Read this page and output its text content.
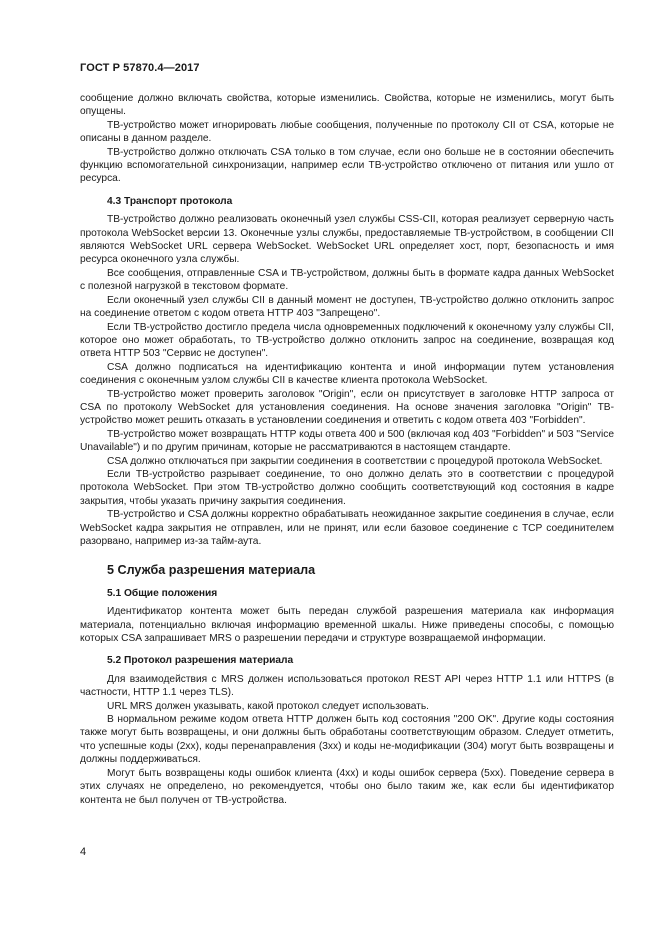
ГОСТ Р 57870.4—2017

сообщение должно включать свойства, которые изменились. Свойства, которые не изменились, могут быть опущены.

ТВ-устройство может игнорировать любые сообщения, полученные по протоколу CII от CSA, которые не описаны в данном разделе.

ТВ-устройство должно отключать CSA только в том случае, если оно больше не в состоянии обеспечить функцию вспомогательной синхронизации, например если ТВ-устройство отключено от питания или ушло от ресурса.

4.3 Транспорт протокола

ТВ-устройство должно реализовать оконечный узел службы CSS-CII, которая реализует серверную часть протокола WebSocket версии 13. Оконечные узлы службы, предоставляемые ТВ-устройством, в сообщении CII являются WebSocket URL сервера WebSocket. WebSocket URL определяет хост, порт, безопасность и имя ресурса оконечного узла службы.

Все сообщения, отправленные CSA и ТВ-устройством, должны быть в формате кадра данных WebSocket с полезной нагрузкой в текстовом формате.

Если оконечный узел службы CII в данный момент не доступен, ТВ-устройство должно отклонить запрос на соединение ответом с кодом ответа HTTP 403 "Запрещено".

Если ТВ-устройство достигло предела числа одновременных подключений к оконечному узлу службы CII, которое оно может обработать, то ТВ-устройство должно отклонить запрос на соединение, возвращая код ответа HTTP 503 "Сервис не доступен".

CSA должно подписаться на идентификацию контента и иной информации путем установления соединения с оконечным узлом службы CII в качестве клиента протокола WebSocket.

ТВ-устройство может проверить заголовок "Origin", если он присутствует в заголовке HTTP запроса от CSA по протоколу WebSocket для установления соединения. На основе значения заголовка "Origin" ТВ-устройство может решить отказать в установлении соединения и ответить с кодом ответа 403 "Forbidden".

ТВ-устройство может возвращать HTTP коды ответа 400 и 500 (включая код 403 "Forbidden" и 503 "Service Unavailable") и по другим причинам, которые не рассматриваются в настоящем стандарте.

CSA должно отключаться при закрытии соединения в соответствии с процедурой протокола WebSocket.

Если ТВ-устройство разрывает соединение, то оно должно делать это в соответствии с процедурой протокола WebSocket. При этом ТВ-устройство должно сообщить соответствующий код состояния в кадре закрытия, чтобы указать причину закрытия соединения.

ТВ-устройство и CSA должны корректно обрабатывать неожиданное закрытие соединения в случае, если WebSocket кадра закрытия не отправлен, или не принят, или если базовое соединение с TCP соединителем разорвано, например из-за тайм-аута.

5 Служба разрешения материала

5.1 Общие положения

Идентификатор контента может быть передан службой разрешения материала как информация материала, потенциально включая информацию временной шкалы. Ниже приведены способы, с помощью которых CSA запрашивает MRS о разрешении передачи и структуре возвращаемой информации.

5.2 Протокол разрешения материала

Для взаимодействия с MRS должен использоваться протокол REST API через HTTP 1.1 или HTTPS (в частности, HTTP 1.1 через TLS).

URL MRS должен указывать, какой протокол следует использовать.

В нормальном режиме кодом ответа HTTP должен быть код состояния "200 OK". Другие коды состояния также могут быть возвращены, и они должны быть обработаны соответствующим образом. Следует отметить, что успешные коды (2xx), коды перенаправления (3xx) и коды не-модификации (304) могут быть возвращены и должны поддерживаться.

Могут быть возвращены коды ошибок клиента (4xx) и коды ошибок сервера (5xx). Поведение сервера в этих случаях не определено, но рекомендуется, чтобы оно было таким же, как если бы идентификатор контента не был получен от ТВ-устройства.

4
